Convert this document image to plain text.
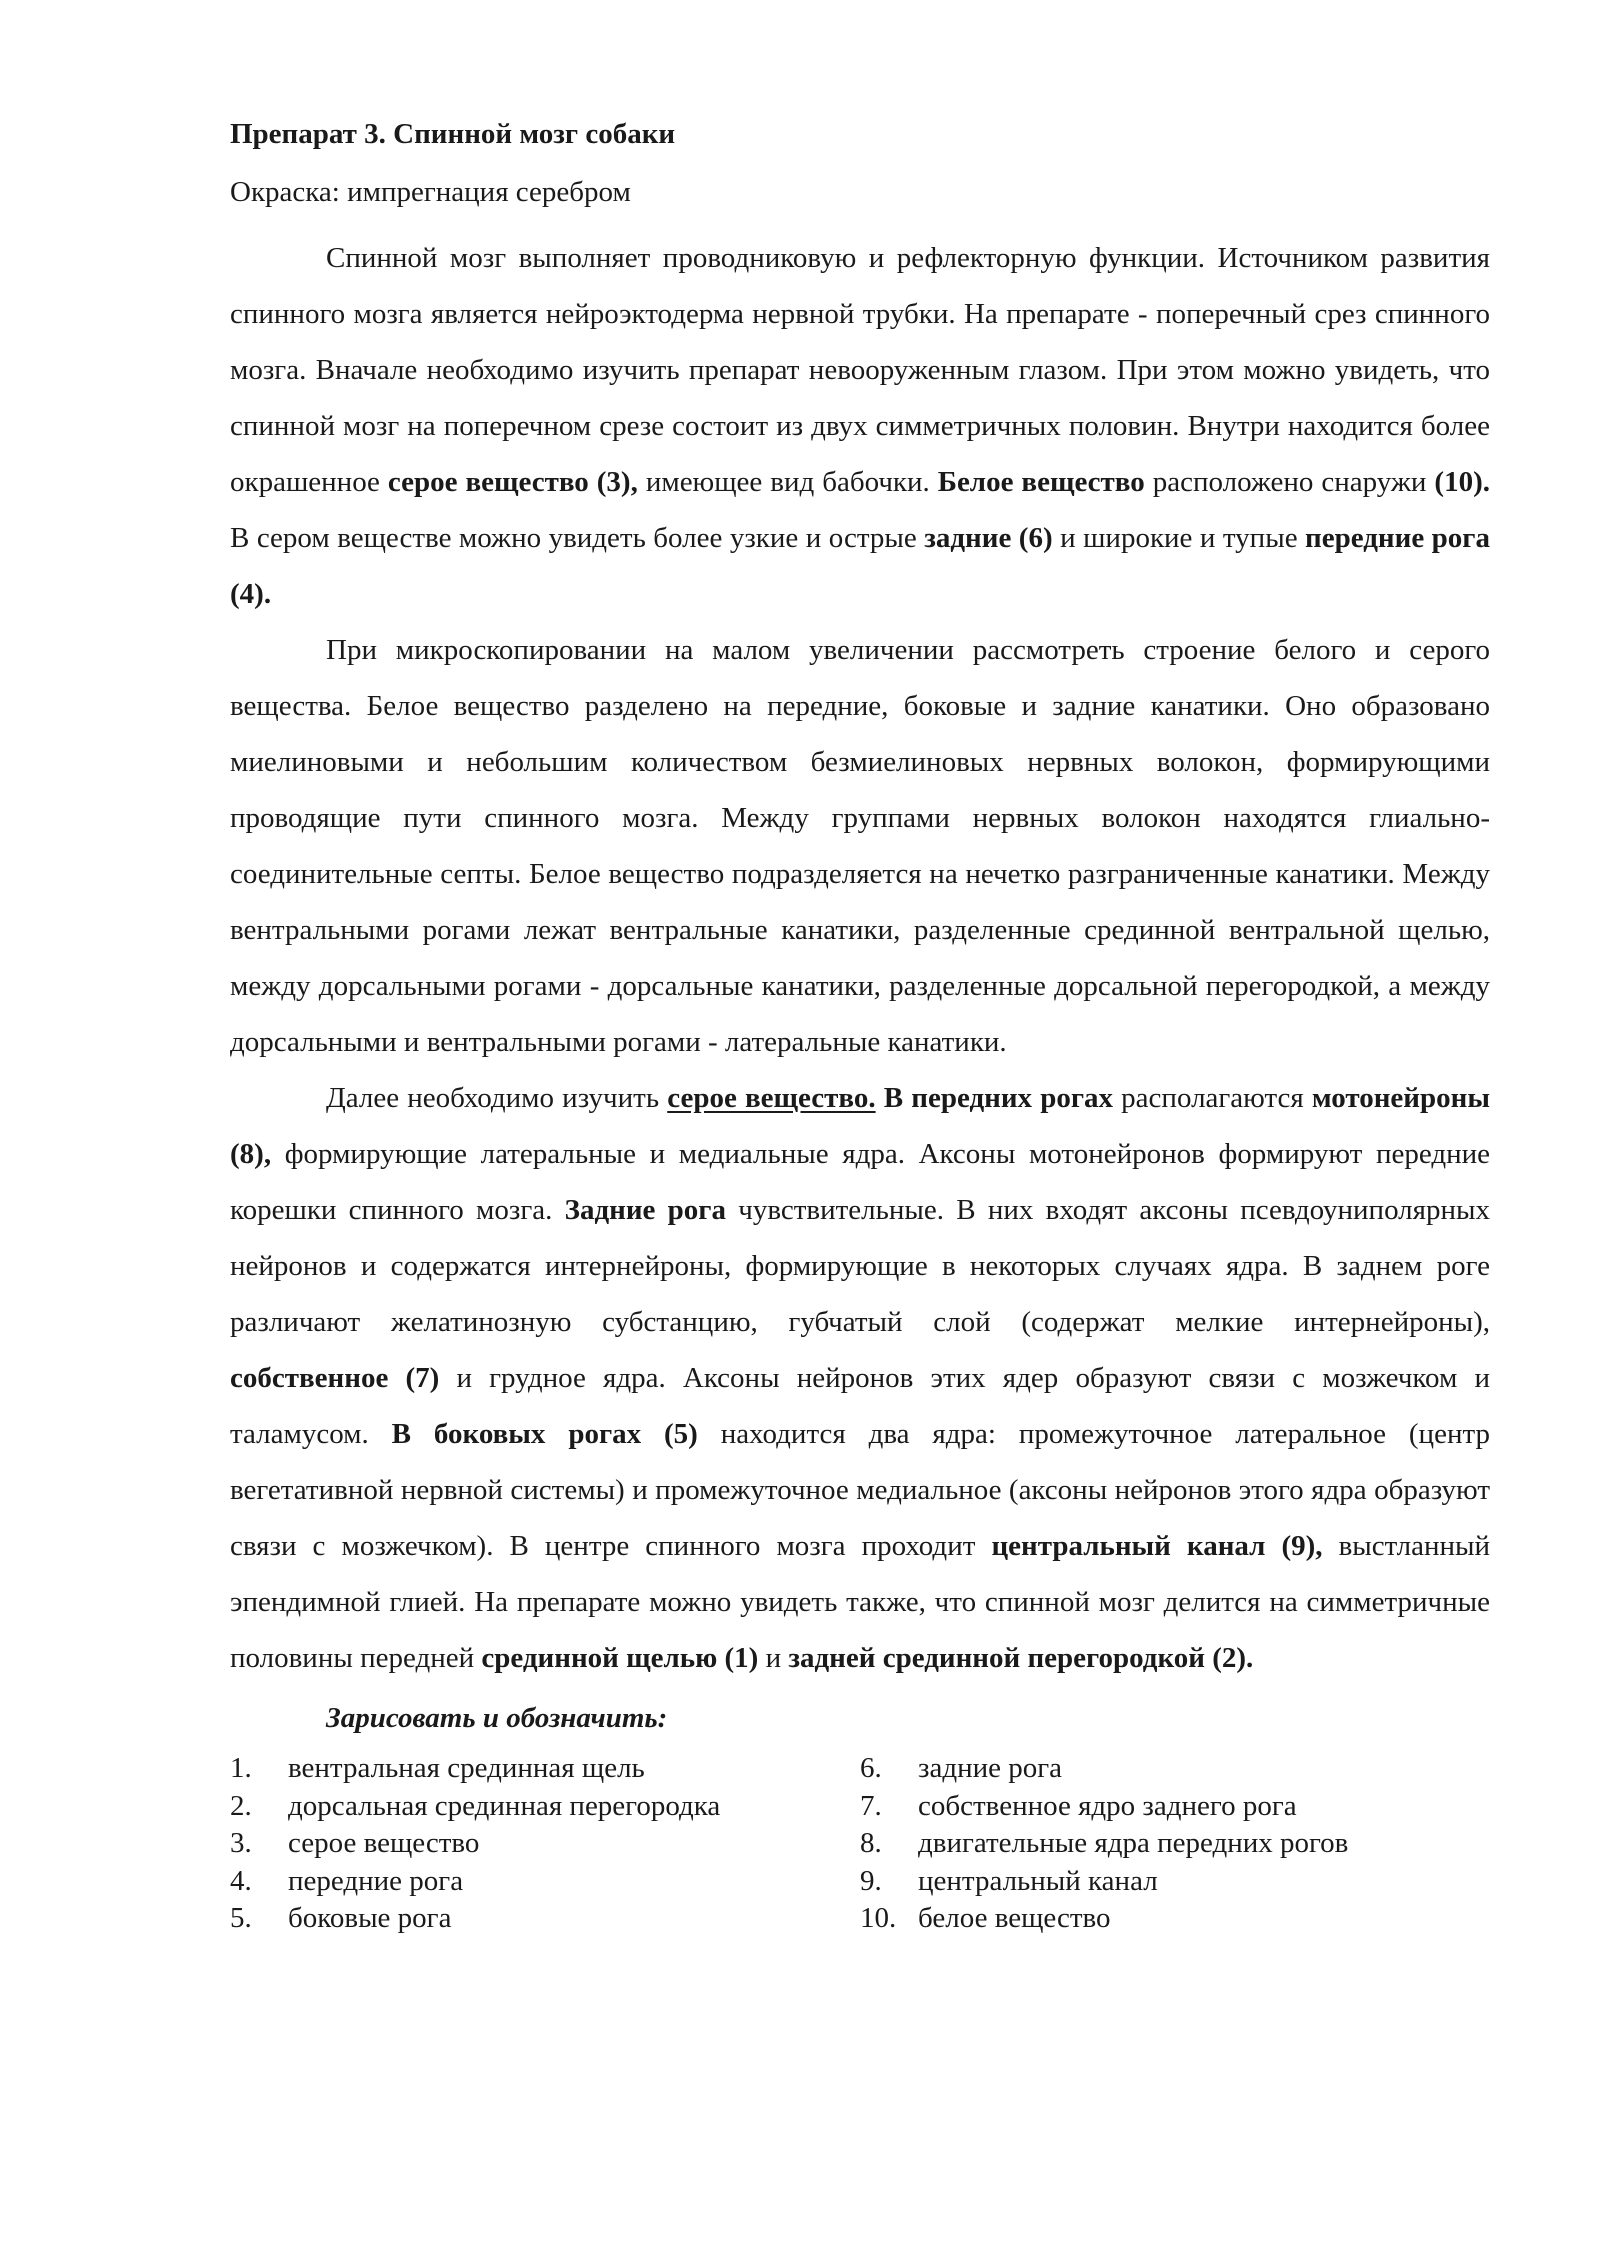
Препарат 3. Спинной мозг собаки

Окраска: импрегнация серебром

Спинной мозг выполняет проводниковую и рефлекторную функции. Источником развития спинного мозга является нейроэктодерма нервной трубки. На препарате - поперечный срез спинного мозга. Вначале необходимо изучить препарат невооруженным глазом. При этом можно увидеть, что спинной мозг на поперечном срезе состоит из двух симметричных половин. Внутри находится более окрашенное серое вещество (3), имеющее вид бабочки. Белое вещество расположено снаружи (10). В сером веществе можно увидеть более узкие и острые задние (6) и широкие и тупые передние рога (4).

При микроскопировании на малом увеличении рассмотреть строение белого и серого вещества. Белое вещество разделено на передние, боковые и задние канатики. Оно образовано миелиновыми и небольшим количеством безмиелиновых нервных волокон, формирующими проводящие пути спинного мозга. Между группами нервных волокон находятся глиально-соединительные септы. Белое вещество подразделяется на нечетко разграниченные канатики. Между вентральными рогами лежат вентральные канатики, разделенные срединной вентральной щелью, между дорсальными рогами - дорсальные канатики, разделенные дорсальной перегородкой, а между дорсальными и вентральными рогами - латеральные канатики.

Далее необходимо изучить серое вещество. В передних рогах располагаются мотонейроны (8), формирующие латеральные и медиальные ядра. Аксоны мотонейронов формируют передние корешки спинного мозга. Задние рога чувствительные. В них входят аксоны псевдоуниполярных нейронов и содержатся интернейроны, формирующие в некоторых случаях ядра. В заднем роге различают желатинозную субстанцию, губчатый слой (содержат мелкие интернейроны), собственное (7) и грудное ядра. Аксоны нейронов этих ядер образуют связи с мозжечком и таламусом. В боковых рогах (5) находится два ядра: промежуточное латеральное (центр вегетативной нервной системы) и промежуточное медиальное (аксоны нейронов этого ядра образуют связи с мозжечком). В центре спинного мозга проходит центральный канал (9), выстланный эпендимной глией. На препарате можно увидеть также, что спинной мозг делится на симметричные половины передней срединной щелью (1) и задней срединной перегородкой (2).

Зарисовать и обозначить:

1.	вентральная срединная щель
2.	дорсальная срединная перегородка
3.	серое вещество
4.	передние рога
5.	боковые рога
6.	задние рога
7.	собственное ядро заднего рога
8.	двигательные ядра передних рогов
9.	центральный канал
10. белое вещество
